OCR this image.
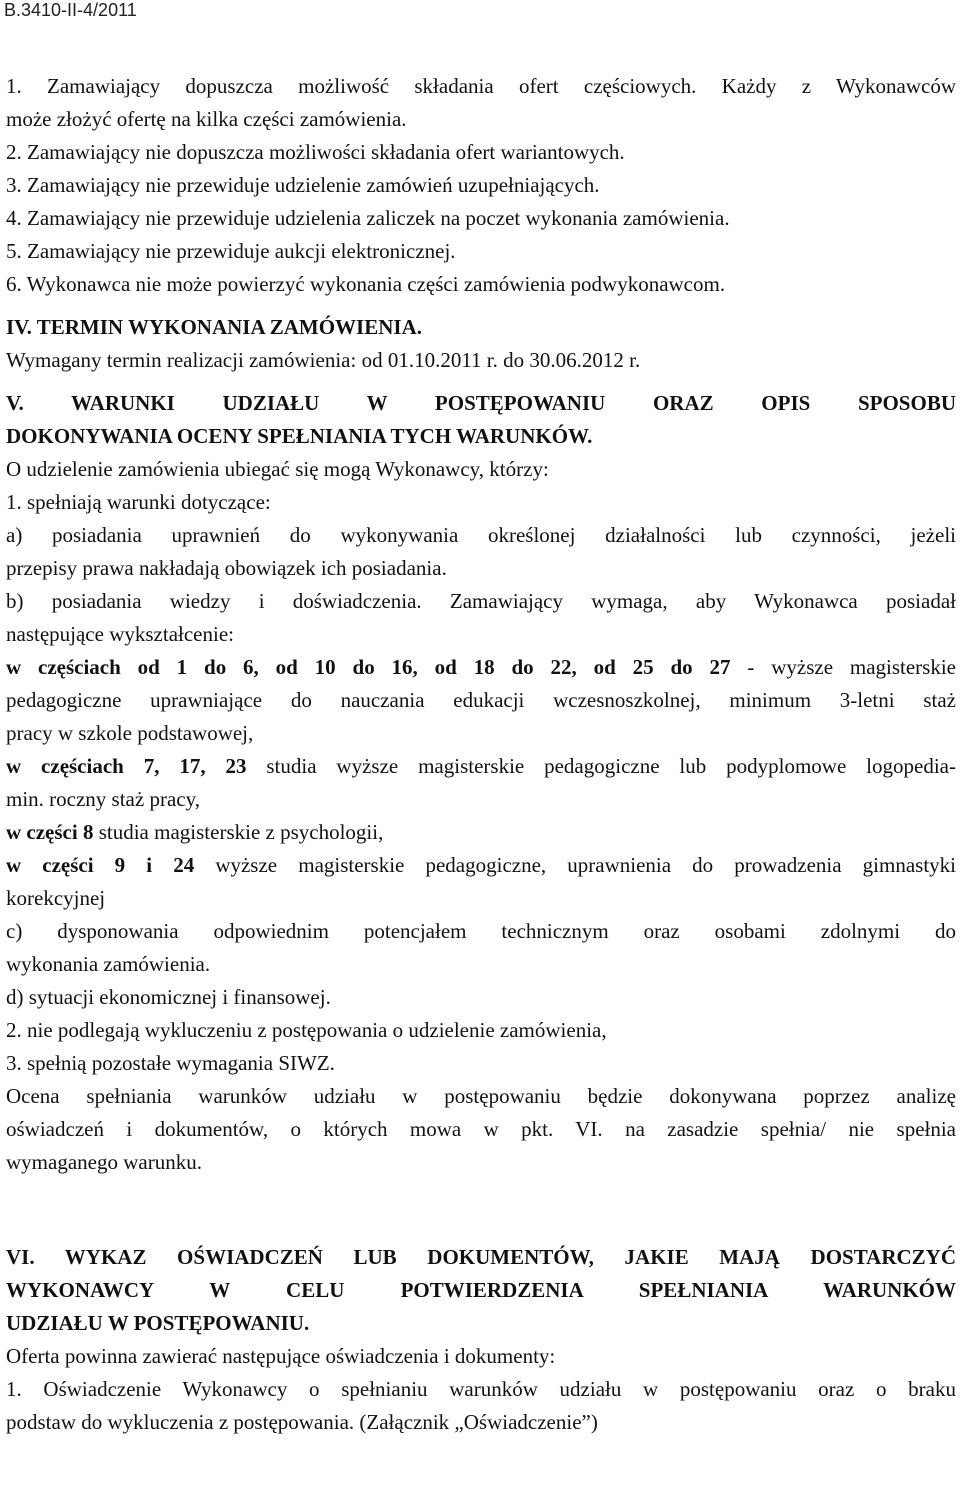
B.3410-II-4/2011
1. Zamawiający dopuszcza możliwość składania ofert częściowych. Każdy z Wykonawców
może złożyć ofertę na kilka części zamówienia.
2. Zamawiający nie dopuszcza możliwości składania ofert wariantowych.
3. Zamawiający nie przewiduje udzielenie zamówień uzupełniających.
4. Zamawiający nie przewiduje udzielenia zaliczek na poczet wykonania zamówienia.
5. Zamawiający nie przewiduje aukcji elektronicznej.
6. Wykonawca nie może powierzyć wykonania części zamówienia podwykonawcom.
IV. TERMIN WYKONANIA ZAMÓWIENIA.
Wymagany termin realizacji zamówienia: od 01.10.2011 r. do 30.06.2012 r.
V. WARUNKI UDZIAŁU W POSTĘPOWANIU ORAZ OPIS SPOSOBU
DOKONYWANIA OCENY SPEŁNIANIA TYCH WARUNKÓW.
O udzielenie zamówienia ubiegać się mogą Wykonawcy, którzy:
1. spełniają warunki dotyczące:
a) posiadania uprawnień do wykonywania określonej działalności lub czynności, jeżeli
przepisy prawa nakładają obowiązek ich posiadania.
b) posiadania wiedzy i doświadczenia. Zamawiający wymaga, aby Wykonawca posiadał
następujące wykształcenie:
w częściach od 1 do 6, od 10 do 16, od 18 do 22, od 25 do 27 - wyższe magisterskie
pedagogiczne uprawniające do nauczania edukacji wczesnoszkolnej, minimum 3-letni staż
pracy w szkole podstawowej,
w częściach 7, 17, 23 studia wyższe magisterskie pedagogiczne lub podyplomowe logopedia-
min. roczny staż pracy,
w części 8 studia magisterskie z psychologii,
w części 9 i 24 wyższe magisterskie pedagogiczne, uprawnienia do prowadzenia gimnastyki
korekcyjnej
c) dysponowania odpowiednim potencjałem technicznym oraz osobami zdolnymi do
wykonania zamówienia.
d) sytuacji ekonomicznej i finansowej.
2. nie podlegają wykluczeniu z postępowania o udzielenie zamówienia,
3. spełnią pozostałe wymagania SIWZ.
Ocena spełniania warunków udziału w postępowaniu będzie dokonywana poprzez analizę
oświadczeń i dokumentów, o których mowa w pkt. VI. na zasadzie spełnia/ nie spełnia
wymaganego warunku.
VI. WYKAZ OŚWIADCZEŃ LUB DOKUMENTÓW, JAKIE MAJĄ DOSTARCZYĆ
WYKONAWCY W CELU POTWIERDZENIA SPEŁNIANIA WARUNKÓW
UDZIAŁU W POSTĘPOWANIU.
Oferta powinna zawierać następujące oświadczenia i dokumenty:
1. Oświadczenie Wykonawcy o spełnianiu warunków udziału w postępowaniu oraz o braku
podstaw do wykluczenia z postępowania. (Załącznik „Oświadczenie”)
